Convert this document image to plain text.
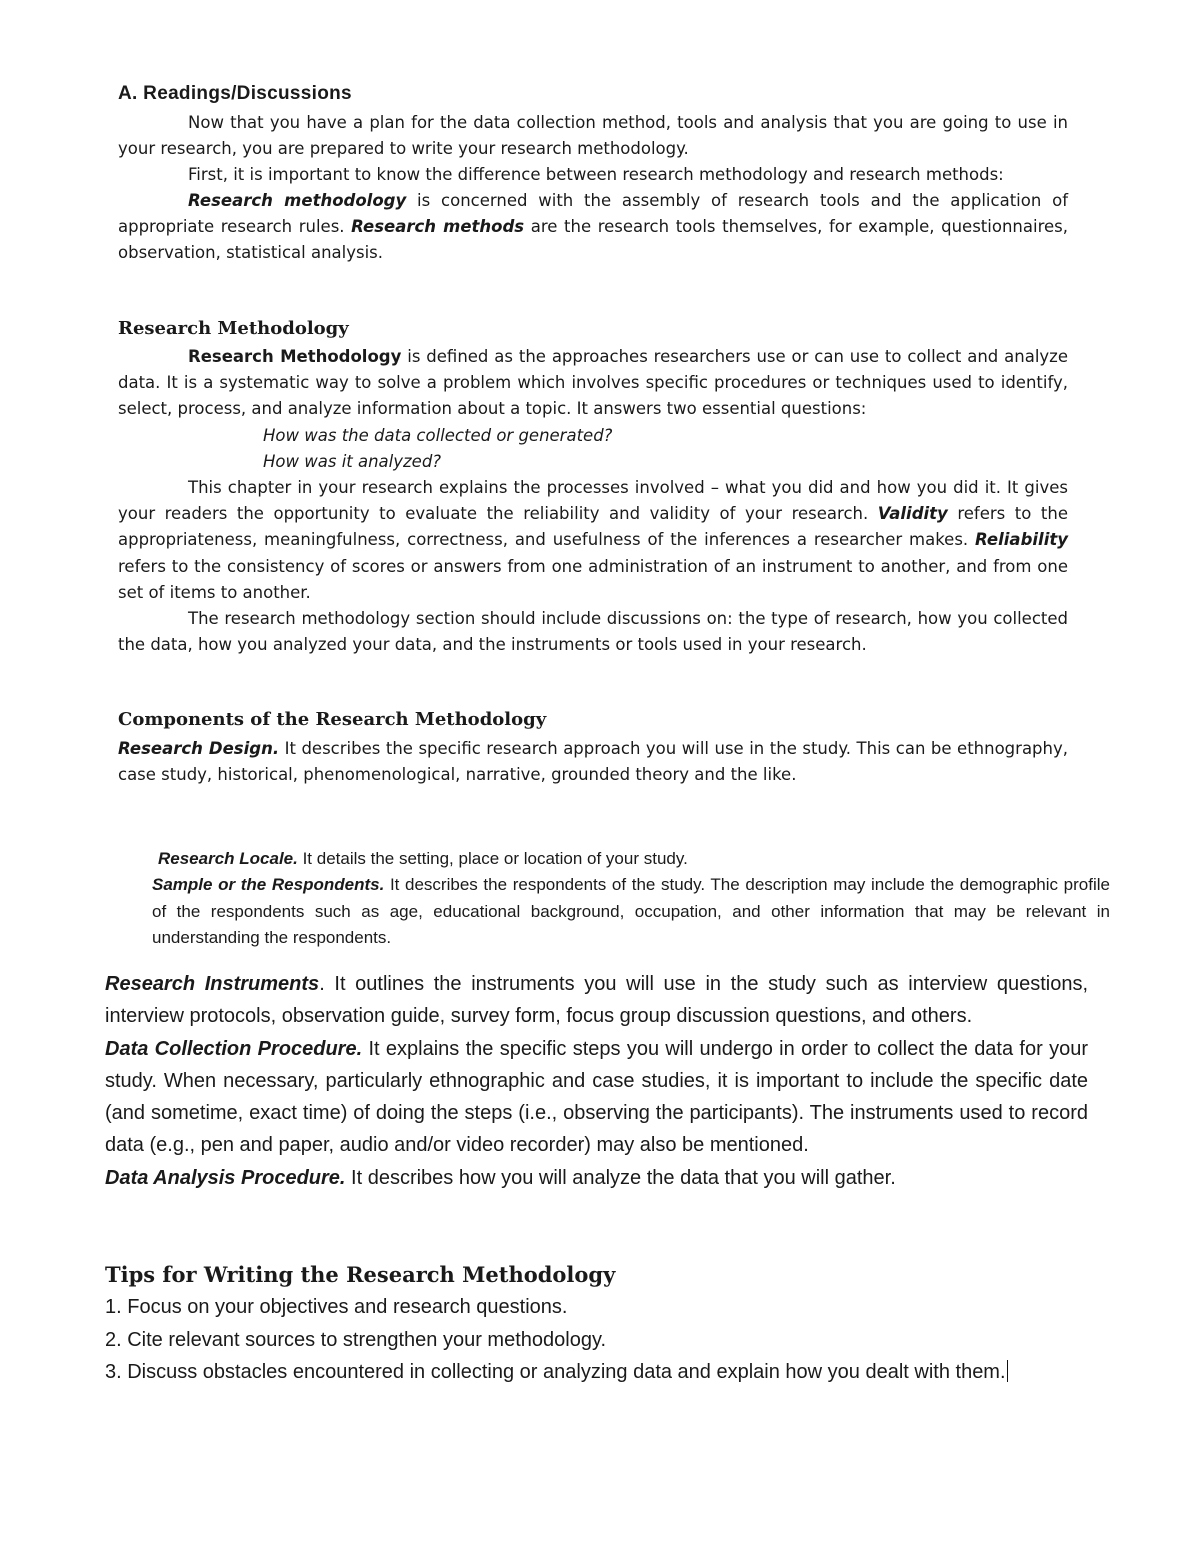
A. Readings/Discussions

Now that you have a plan for the data collection method, tools and analysis that you are going to use in your research, you are prepared to write your research methodology.

First, it is important to know the difference between research methodology and research methods:

Research methodology is concerned with the assembly of research tools and the application of appropriate research rules. Research methods are the research tools themselves, for example, questionnaires, observation, statistical analysis.

Research Methodology

Research Methodology is defined as the approaches researchers use or can use to collect and analyze data. It is a systematic way to solve a problem which involves specific procedures or techniques used to identify, select, process, and analyze information about a topic. It answers two essential questions:

How was the data collected or generated?

How was it analyzed?

This chapter in your research explains the processes involved – what you did and how you did it. It gives your readers the opportunity to evaluate the reliability and validity of your research. Validity refers to the appropriateness, meaningfulness, correctness, and usefulness of the inferences a researcher makes. Reliability refers to the consistency of scores or answers from one administration of an instrument to another, and from one set of items to another.

The research methodology section should include discussions on: the type of research, how you collected the data, how you analyzed your data, and the instruments or tools used in your research.

Components of the Research Methodology

Research Design. It describes the specific research approach you will use in the study. This can be ethnography, case study, historical, phenomenological, narrative, grounded theory and the like.

Research Locale. It details the setting, place or location of your study.

Sample or the Respondents. It describes the respondents of the study. The description may include the demographic profile of the respondents such as age, educational background, occupation, and other information that may be relevant in understanding the respondents.

Research Instruments. It outlines the instruments you will use in the study such as interview questions, interview protocols, observation guide, survey form, focus group discussion questions, and others.

Data Collection Procedure. It explains the specific steps you will undergo in order to collect the data for your study. When necessary, particularly ethnographic and case studies, it is important to include the specific date (and sometime, exact time) of doing the steps (i.e., observing the participants). The instruments used to record data (e.g., pen and paper, audio and/or video recorder) may also be mentioned.

Data Analysis Procedure. It describes how you will analyze the data that you will gather.

Tips for Writing the Research Methodology
1. Focus on your objectives and research questions.
2. Cite relevant sources to strengthen your methodology.
3. Discuss obstacles encountered in collecting or analyzing data and explain how you dealt with them.
